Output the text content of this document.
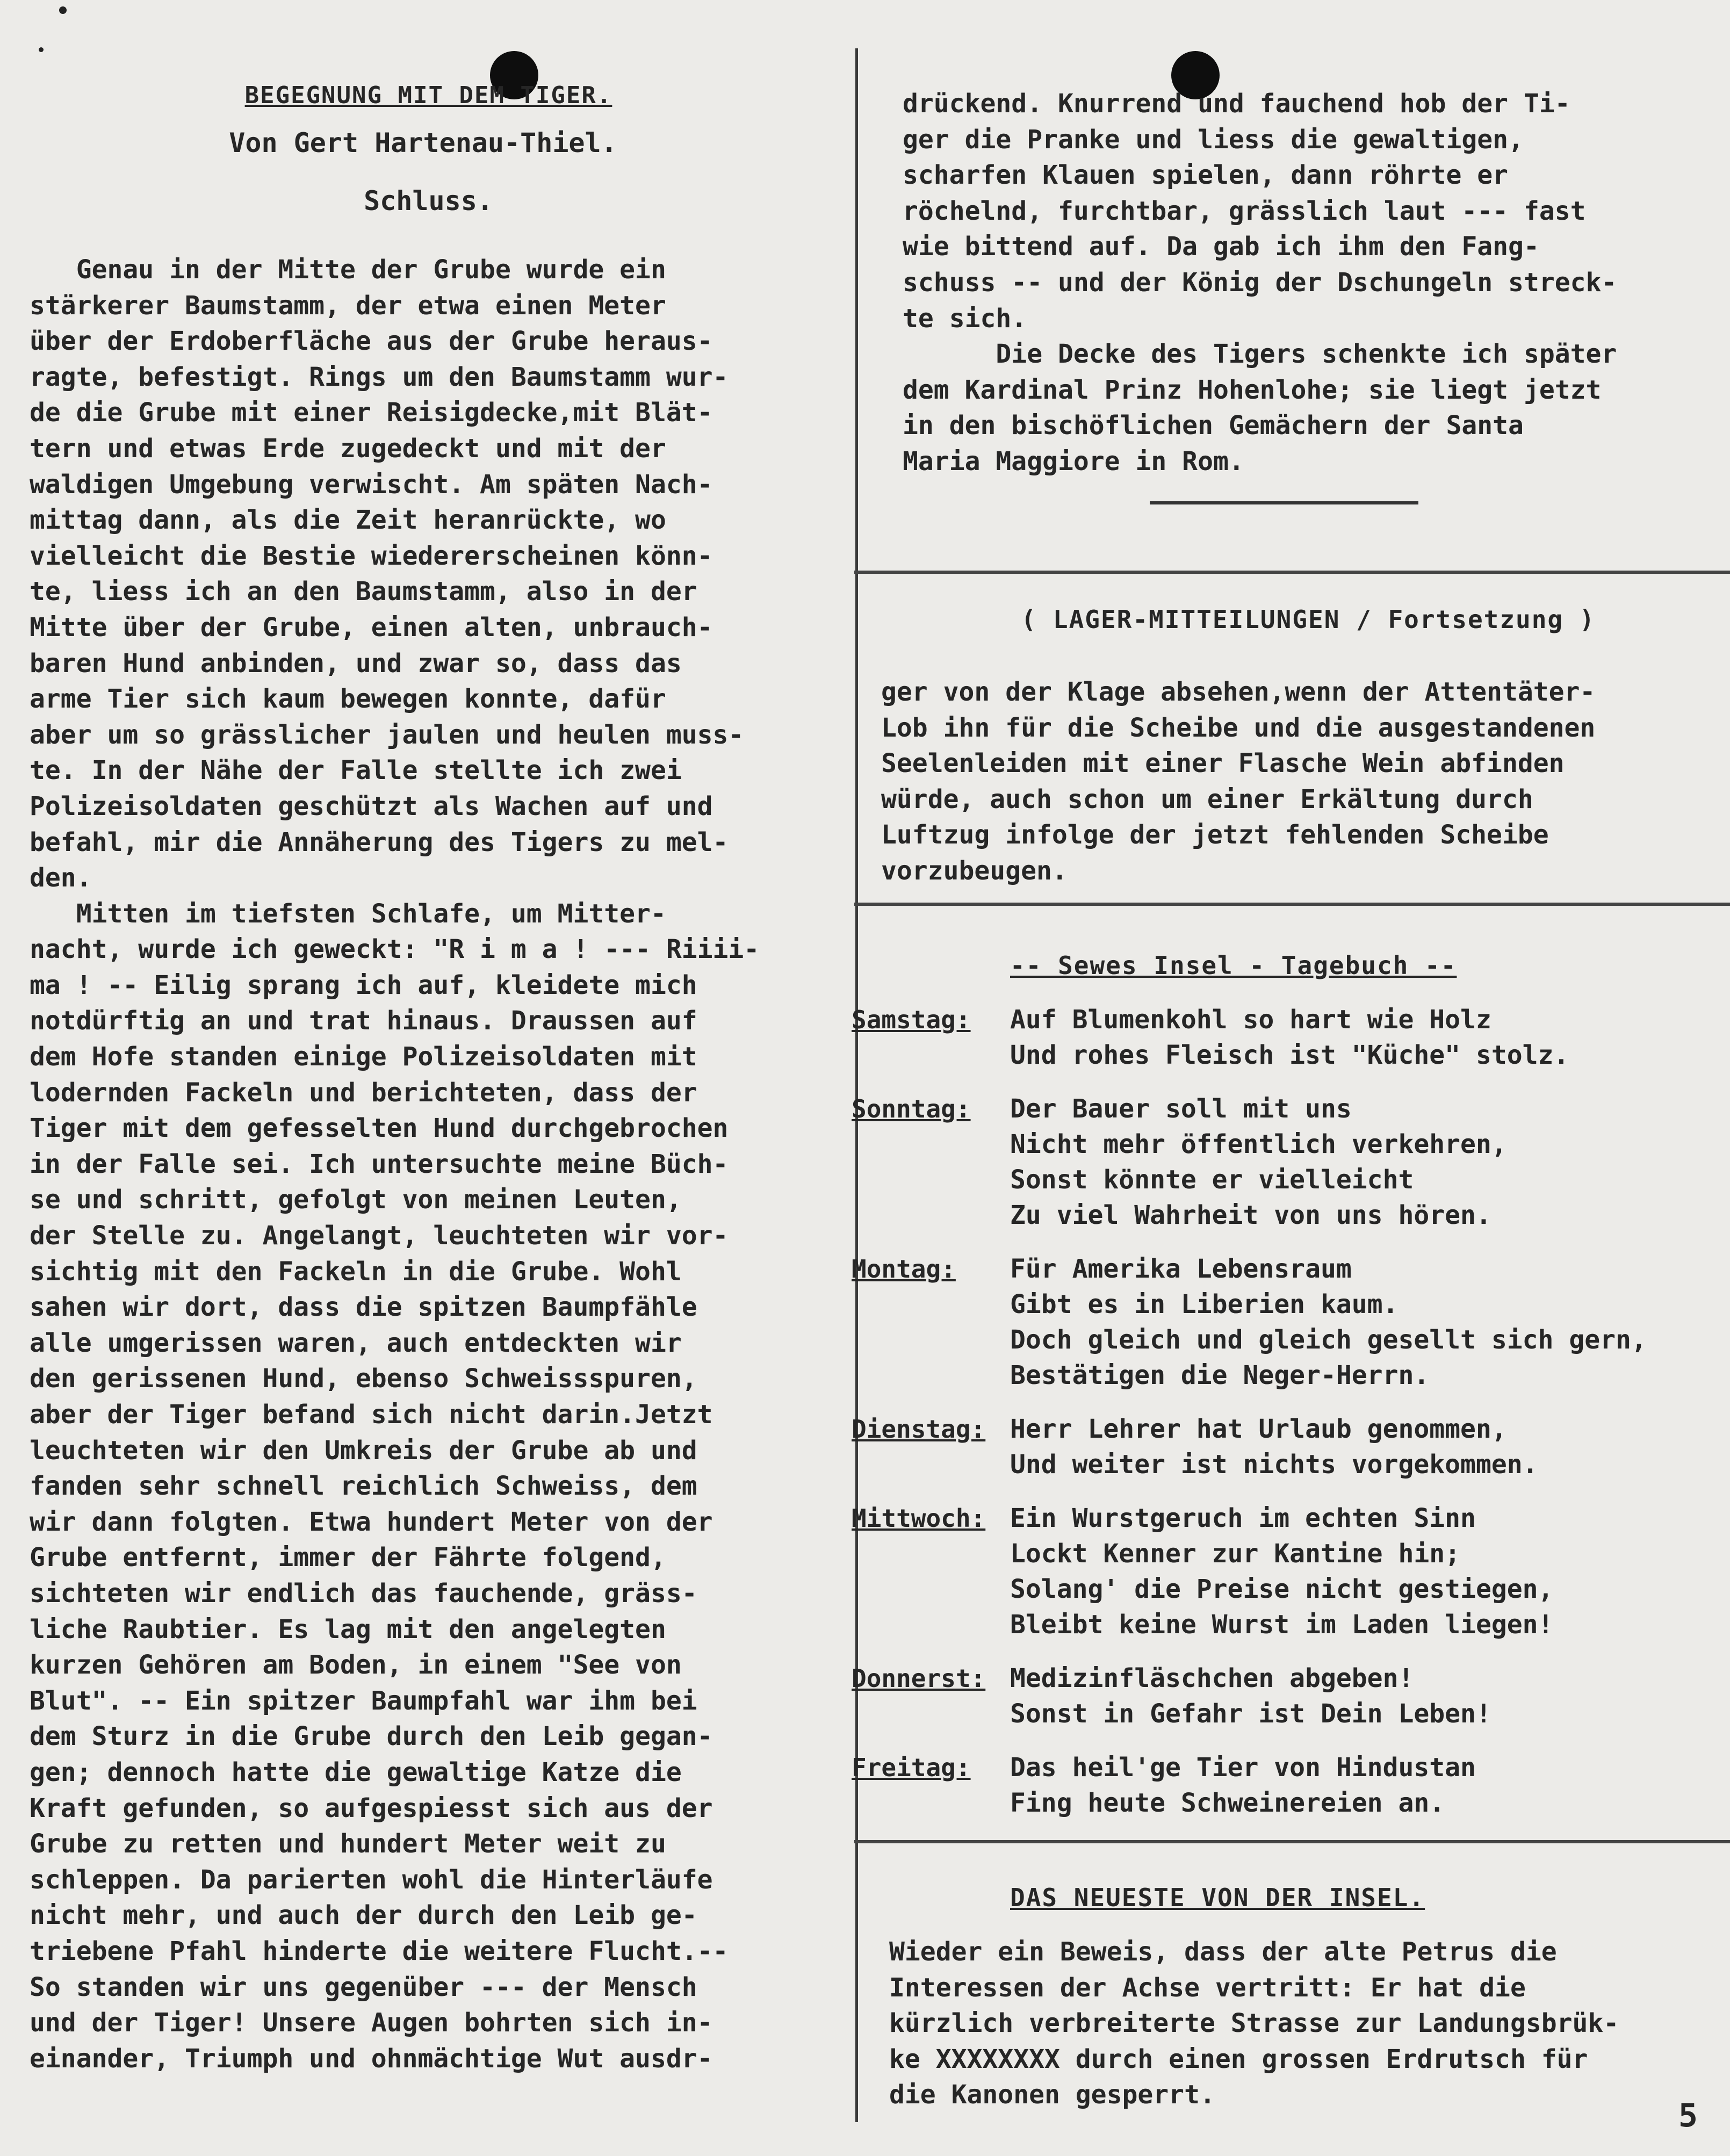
BEGEGNUNG MIT DEM TIGER.
Von Gert Hartenau-Thiel.
Schluss.

Genau in der Mitte der Grube wurde ein
stärkerer Baumstamm, der etwa einen Meter
über der Erdoberfläche aus der Grube heraus-
ragte, befestigt. Rings um den Baumstamm wur-
de die Grube mit einer Reisigdecke,mit Blät-
tern und etwas Erde zugedeckt und mit der
waldigen Umgebung verwischt. Am späten Nach-
mittag dann, als die Zeit heranrückte, wo
vielleicht die Bestie wiedererscheinen könn-
te, liess ich an den Baumstamm, also in der
Mitte über der Grube, einen alten, unbrauch-
baren Hund anbinden, und zwar so, dass das
arme Tier sich kaum bewegen konnte, dafür
aber um so grässlicher jaulen und heulen muss-
te. In der Nähe der Falle stellte ich zwei
Polizeisoldaten geschützt als Wachen auf und
befahl, mir die Annäherung des Tigers zu mel-
den.

Mitten im tiefsten Schlafe, um Mitter-
nacht, wurde ich geweckt: "R i m a ! --- Riiii-
ma ! -- Eilig sprang ich auf, kleidete mich
notdürftig an und trat hinaus. Draussen auf
dem Hofe standen einige Polizeisoldaten mit
lodernden Fackeln und berichteten, dass der
Tiger mit dem gefesselten Hund durchgebrochen
in der Falle sei. Ich untersuchte meine Büch-
se und schritt, gefolgt von meinen Leuten,
der Stelle zu. Angelangt, leuchteten wir vor-
sichtig mit den Fackeln in die Grube. Wohl
sahen wir dort, dass die spitzen Baumpfähle
alle umgerissen waren, auch entdeckten wir
den gerissenen Hund, ebenso Schweissspuren,
aber der Tiger befand sich nicht darin.Jetzt
leuchteten wir den Umkreis der Grube ab und
fanden sehr schnell reichlich Schweiss, dem
wir dann folgten. Etwa hundert Meter von der
Grube entfernt, immer der Fährte folgend,
sichteten wir endlich das fauchende, gräss-
liche Raubtier. Es lag mit den angelegten
kurzen Gehören am Boden, in einem "See von
Blut". -- Ein spitzer Baumpfahl war ihm bei
dem Sturz in die Grube durch den Leib gegan-
gen; dennoch hatte die gewaltige Katze die
Kraft gefunden, so aufgespiesst sich aus der
Grube zu retten und hundert Meter weit zu
schleppen. Da parierten wohl die Hinterläufe
nicht mehr, und auch der durch den Leib ge-
triebene Pfahl hinderte die weitere Flucht.--
So standen wir uns gegenüber --- der Mensch
und der Tiger! Unsere Augen bohrten sich in-
einander, Triumph und ohnmächtige Wut ausdr-

drückend. Knurrend und fauchend hob der Ti-
ger die Pranke und liess die gewaltigen,
scharfen Klauen spielen, dann röhrte er
röchelnd, furchtbar, grässlich laut --- fast
wie bittend auf. Da gab ich ihm den Fang-
schuss -- und der König der Dschungeln streck-
te sich.
Die Decke des Tigers schenkte ich später
dem Kardinal Prinz Hohenlohe; sie liegt jetzt
in den bischöflichen Gemächern der Santa
Maria Maggiore in Rom.

( LAGER-MITTEILUNGEN / Fortsetzung )

ger von der Klage absehen,wenn der Attentäter-
Lob ihn für die Scheibe und die ausgestandenen
Seelenleiden mit einer Flasche Wein abfinden
würde, auch schon um einer Erkältung durch
Luftzug infolge der jetzt fehlenden Scheibe
vorzubeugen.

-- Sewes Insel - Tagebuch --
Samstag:	Auf Blumenkohl so hart wie Holz
Und rohes Fleisch ist "Küche" stolz.
Sonntag:	Der Bauer soll mit uns
Nicht mehr öffentlich verkehren,
Sonst könnte er vielleicht
Zu viel Wahrheit von uns hören.
Montag:	Für Amerika Lebensraum
Gibt es in Liberien kaum.
Doch gleich und gleich gesellt sich gern,
Bestätigen die Neger-Herrn.
Dienstag: Herr Lehrer hat Urlaub genommen,
Und weiter ist nichts vorgekommen.
Mittwoch: Ein Wurstgeruch im echten Sinn
Lockt Kenner zur Kantine hin;
Solang' die Preise nicht gestiegen,
Bleibt keine Wurst im Laden liegen!
Donnerst: Medizinfläschchen abgeben!
Sonst in Gefahr ist Dein Leben!
Freitag:	Das heil'ge Tier von Hindustan
Fing heute Schweinereien an.
DAS NEUESTE VON DER INSEL.

Wieder ein Beweis, dass der alte Petrus die
Interessen der Achse vertritt: Er hat die
kürzlich verbreiterte Strasse zur Landungsbrük-
ke XXXXXXXX durch einen grossen Erdrutsch für
die Kanonen gesperrt.

5
